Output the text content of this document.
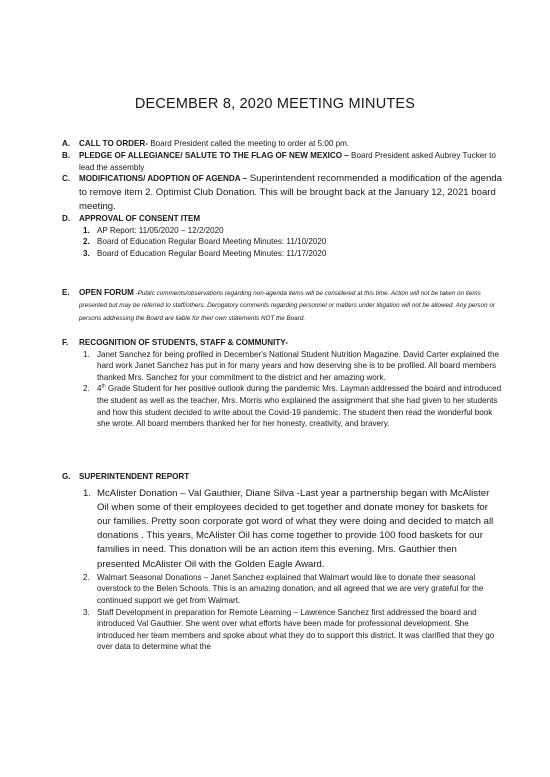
DECEMBER 8, 2020 MEETING MINUTES
A. CALL TO ORDER- Board President called the meeting to order at 5:00 pm.
B. PLEDGE OF ALLEGIANCE/ SALUTE TO THE FLAG OF NEW MEXICO – Board President asked Aubrey Tucker to lead the assembly
C. MODIFICATIONS/ ADOPTION OF AGENDA – Superintendent recommended a modification of the agenda to remove item 2. Optimist Club Donation. This will be brought back at the January 12, 2021 board meeting.
D. APPROVAL OF CONSENT ITEM
1. AP Report: 11/05/2020 – 12/2/2020
2. Board of Education Regular Board Meeting Minutes: 11/10/2020
3. Board of Education Regular Board Meeting Minutes: 11/17/2020
E. OPEN FORUM -Public comments/observations regarding non-agenda items will be considered at this time. Action will not be taken on items presented but may be referred to staff/others. Derogatory comments regarding personnel or matters under litigation will not be allowed. Any person or persons addressing the Board are liable for their own statements NOT the Board.
F. RECOGNITION OF STUDENTS, STAFF & COMMUNITY-
1. Janet Sanchez for being profiled in December's National Student Nutrition Magazine. David Carter explained the hard work Janet Sanchez has put in for many years and how deserving she is to be profiled. All board members thanked Mrs. Sanchez for your commitment to the district and her amazing work.
2. 4th Grade Student for her positive outlook during the pandemic Mrs. Layman addressed the board and introduced the student as well as the teacher, Mrs. Morris who explained the assignment that she had given to her students and how this student decided to write about the Covid-19 pandemic. The student then read the wonderful book she wrote. All board members thanked her for her honesty, creativity, and bravery.
G. SUPERINTENDENT REPORT
1. McAlister Donation – Val Gauthier, Diane Silva -Last year a partnership began with McAlister Oil when some of their employees decided to get together and donate money for baskets for our families. Pretty soon corporate got word of what they were doing and decided to match all donations . This years, McAlister Oil has come together to provide 100 food baskets for our families in need. This donation will be an action item this evening. Mrs. Gauthier then presented McAlister Oil with the Golden Eagle Award.
2. Walmart Seasonal Donations – Janet Sanchez explained that Walmart would like to donate their seasonal overstock to the Belen Schools. This is an amazing donation, and all agreed that we are very grateful for the continued support we get from Walmart.
3. Staff Development in preparation for Remote Learning – Lawrence Sanchez first addressed the board and introduced Val Gauthier. She went over what efforts have been made for professional development. She introduced her team members and spoke about what they do to support this district. It was clarified that they go over data to determine what the
